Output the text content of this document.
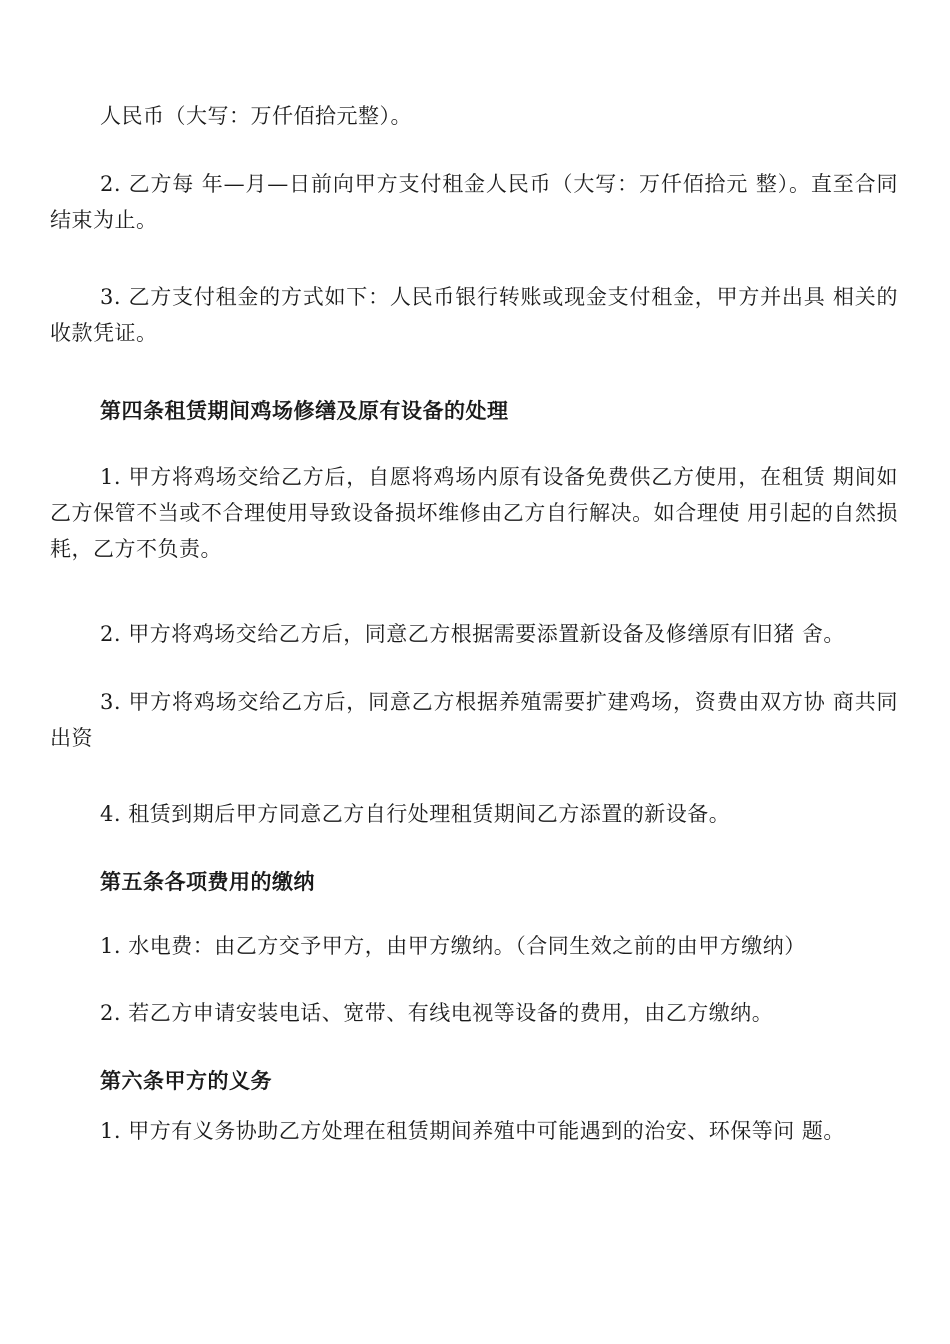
人民币（大写：万仟佰拾元整）。

2. 乙方每 年—月—日前向甲方支付租金人民币（大写：万仟佰拾元 整）。直至合同结束为止。

3. 乙方支付租金的方式如下：人民币银行转账或现金支付租金，甲方并出具 相关的收款凭证。

第四条租赁期间鸡场修缮及原有设备的处理

1. 甲方将鸡场交给乙方后，自愿将鸡场内原有设备免费供乙方使用，在租赁 期间如乙方保管不当或不合理使用导致设备损坏维修由乙方自行解决。如合理使 用引起的自然损耗，乙方不负责。

2. 甲方将鸡场交给乙方后，同意乙方根据需要添置新设备及修缮原有旧猪 舍。

3. 甲方将鸡场交给乙方后，同意乙方根据养殖需要扩建鸡场，资费由双方协 商共同出资

4. 租赁到期后甲方同意乙方自行处理租赁期间乙方添置的新设备。

第五条各项费用的缴纳

1. 水电费：由乙方交予甲方，由甲方缴纳。（合同生效之前的由甲方缴纳）

2. 若乙方申请安装电话、宽带、有线电视等设备的费用，由乙方缴纳。

第六条甲方的义务

1. 甲方有义务协助乙方处理在租赁期间养殖中可能遇到的治安、环保等问 题。
